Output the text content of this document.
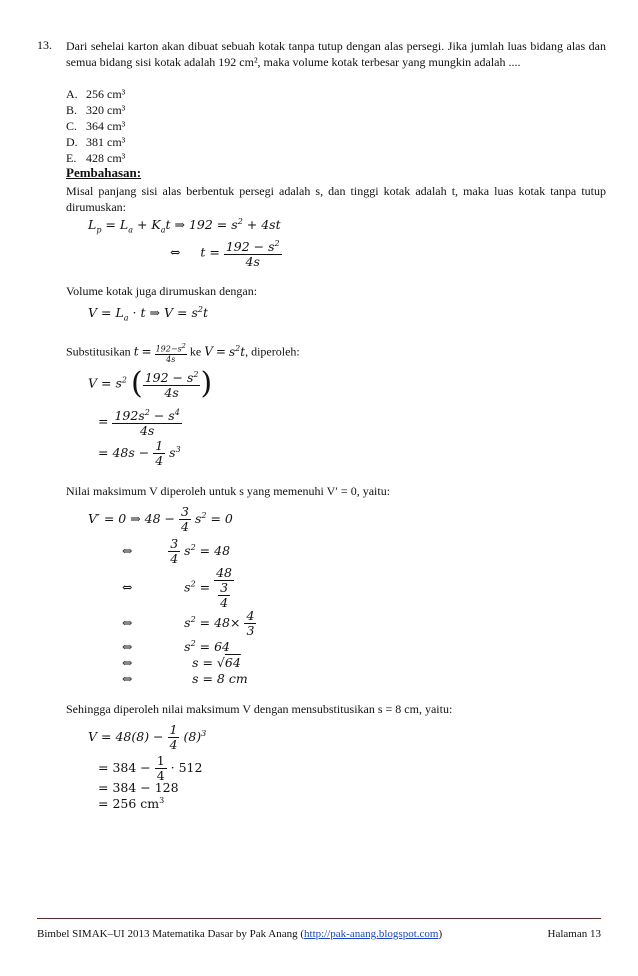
13. Dari sehelai karton akan dibuat sebuah kotak tanpa tutup dengan alas persegi. Jika jumlah luas bidang alas dan semua bidang sisi kotak adalah 192 cm², maka volume kotak terbesar yang mungkin adalah ....
A. 256 cm³
B. 320 cm³
C. 364 cm³
D. 381 cm³
E. 428 cm³
Pembahasan:
Misal panjang sisi alas berbentuk persegi adalah s, dan tinggi kotak adalah t, maka luas kotak tanpa tutup dirumuskan:
$L_p = L_a + K_at$ ⇒ $192 = s^2 + 4st$
⇔     $t = \frac{192 - s^2}{4s}$
Volume kotak juga dirumuskan dengan:
$V = L_a \cdot t$ ⇒ $V = s^2t$
Substitusikan $t = \frac{192-s^2}{4s}$ ke $V = s^2t$, diperoleh:
$V = s^2$ ( $\frac{192 - s^2}{4s}$ )
= $\frac{192s^2 - s^4}{4s}$
= $48s - \frac{1}{4} s^3$
Nilai maksimum V diperoleh untuk s yang memenuhi V′ = 0, yaitu:
V′ = 0 ⇒ $48 - \frac{3}{4} s^2 = 0$
⇔	$\frac{3}{4} s^2 = 48$
⇔             $s^2 = \frac{48}{\frac{3}{4}}$
⇔             $s^2 = 48\times \frac{4}{3}$
⇔             $s^2 = 64$
⇔               s = √64
⇔               s = 8 cm
Sehingga diperoleh nilai maksimum V dengan mensubstitusikan s = 8 cm, yaitu:
$V = 48(8) - \frac{1}{4} (8)^3$
= $384 - \frac{1}{4} \cdot 512$
= 384 − 128
= 256 $cm^3$
Bimbel SIMAK–UI 2013 Matematika Dasar by Pak Anang (http://pak-anang.blogspot.com)	Halaman 13
